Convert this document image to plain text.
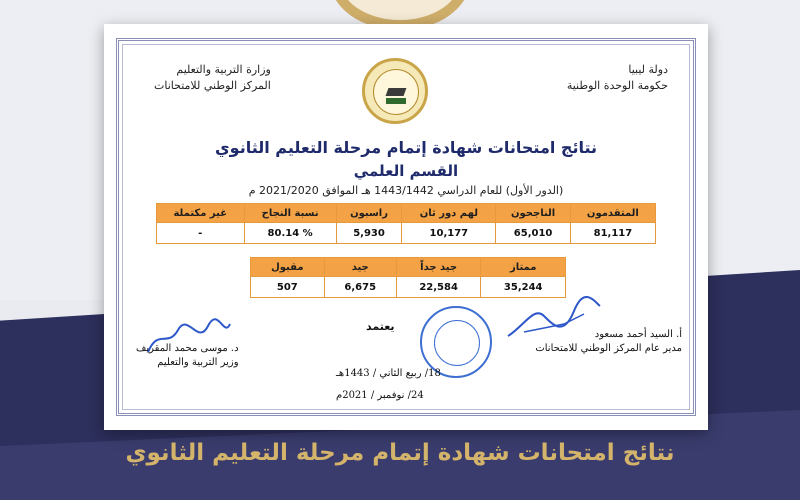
دولة ليبيا
حكومة الوحدة الوطنية
وزارة التربية والتعليم
المركز الوطني للامتحانات
نتائج امتحانات شهادة إتمام مرحلة التعليم الثانوي
القسم العلمي
(الدور الأول) للعام الدراسي 1443/1442 هـ الموافق 2021/2020 م
المتقدمون	الناجحون	لهم دور ثان	راسبون	نسبة النجاح	غير مكتملة
81,117	65,010	10,177	5,930	% 80.14	-
ممتاز	جيد جداً	جيد	مقبول
35,244	22,584	6,675	507
يعتمد
أ. السيد أحمد مسعود
مدير عام المركز الوطني للامتحانات
د. موسى محمد المقريف
وزير التربية والتعليم
18/ ربيع الثاني / 1443هـ
24/ نوفمبر / 2021م
نتائج امتحانات شهادة إتمام مرحلة التعليم الثانوي
